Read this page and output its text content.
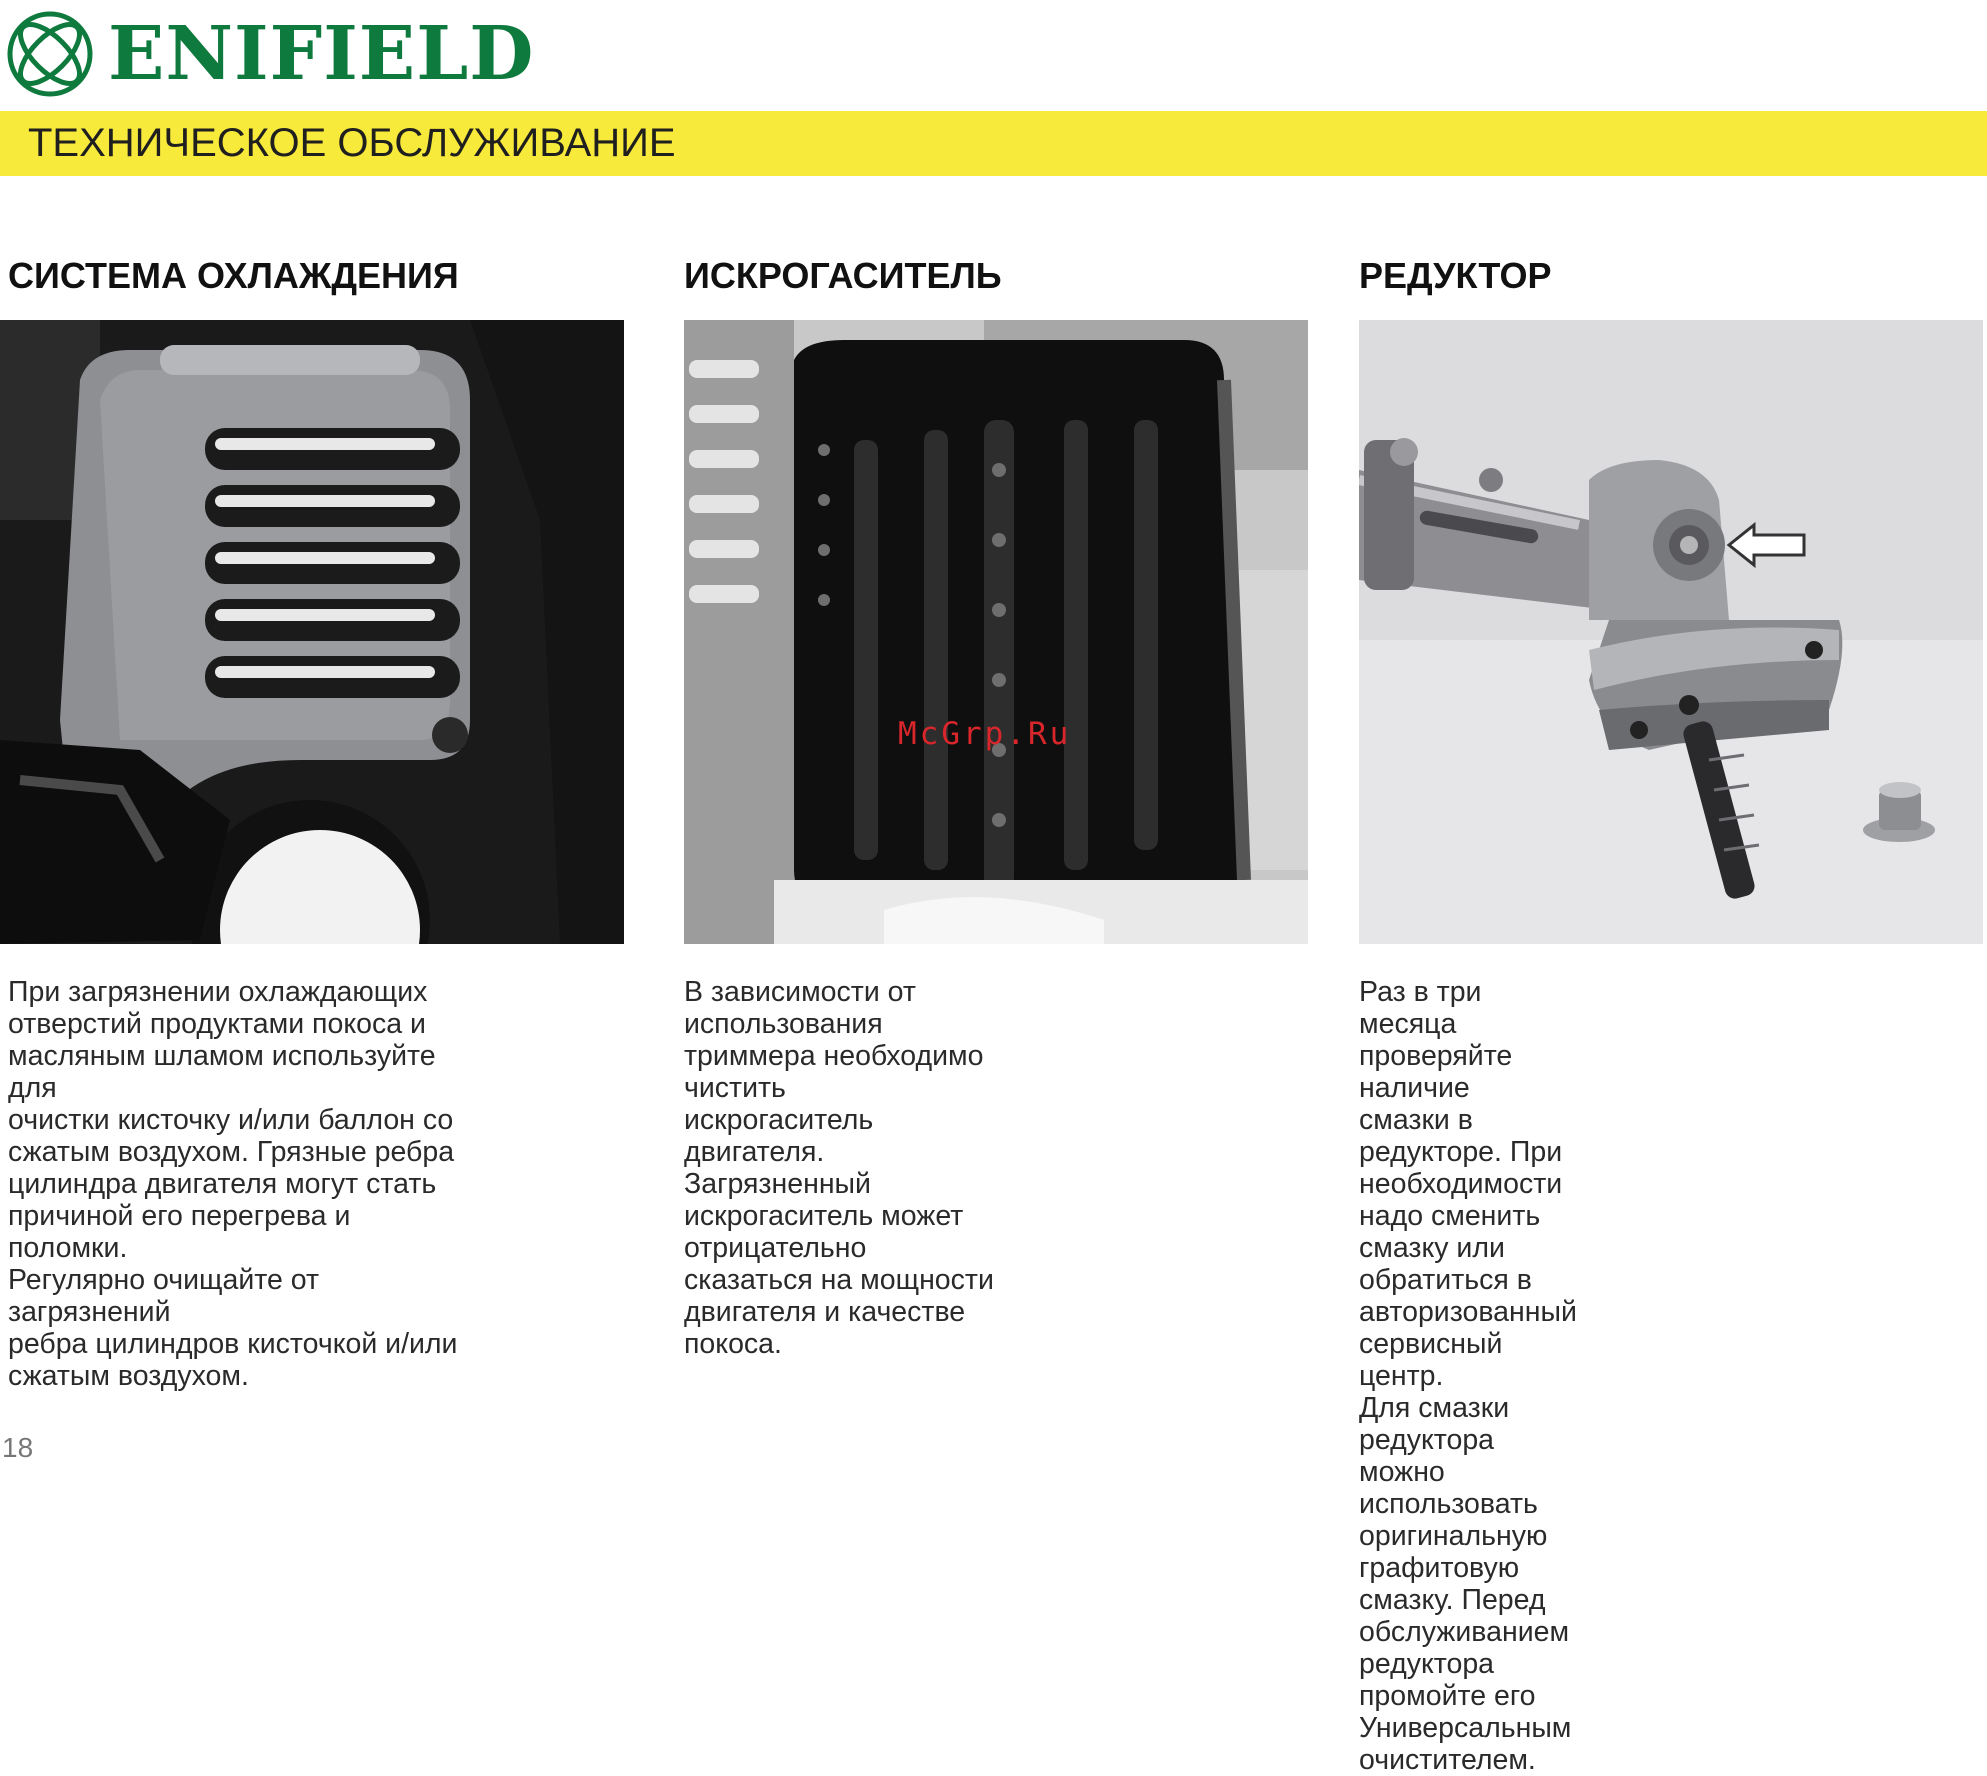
ENIFIELD
ТЕХНИЧЕСКОЕ ОБСЛУЖИВАНИЕ
СИСТЕМА ОХЛАЖДЕНИЯ

При загрязнении охлаждающих
отверстий продуктами покоса и
масляным шламом используйте для
очистки кисточку и/или баллон со
сжатым воздухом. Грязные ребра
цилиндра двигателя могут стать
причиной его перегрева и поломки.
Регулярно очищайте от загрязнений
ребра цилиндров кисточкой и/или
сжатым воздухом.

ИСКРОГАСИТЕЛЬ

В зависимости от использования
триммера необходимо чистить
искрогаситель двигателя.
Загрязненный искрогаситель может
отрицательно сказаться на мощности
двигателя и качестве покоса.

РЕДУКТОР

Раз в три месяца проверяйте наличие
смазки в редукторе. При необходимости
надо сменить смазку или обратиться в
авторизованный сервисный центр.
Для смазки редуктора можно
использовать оригинальную
графитовую смазку. Перед
обслуживанием редуктора промойте его
Универсальным очистителем.

McGrp.Ru
18
